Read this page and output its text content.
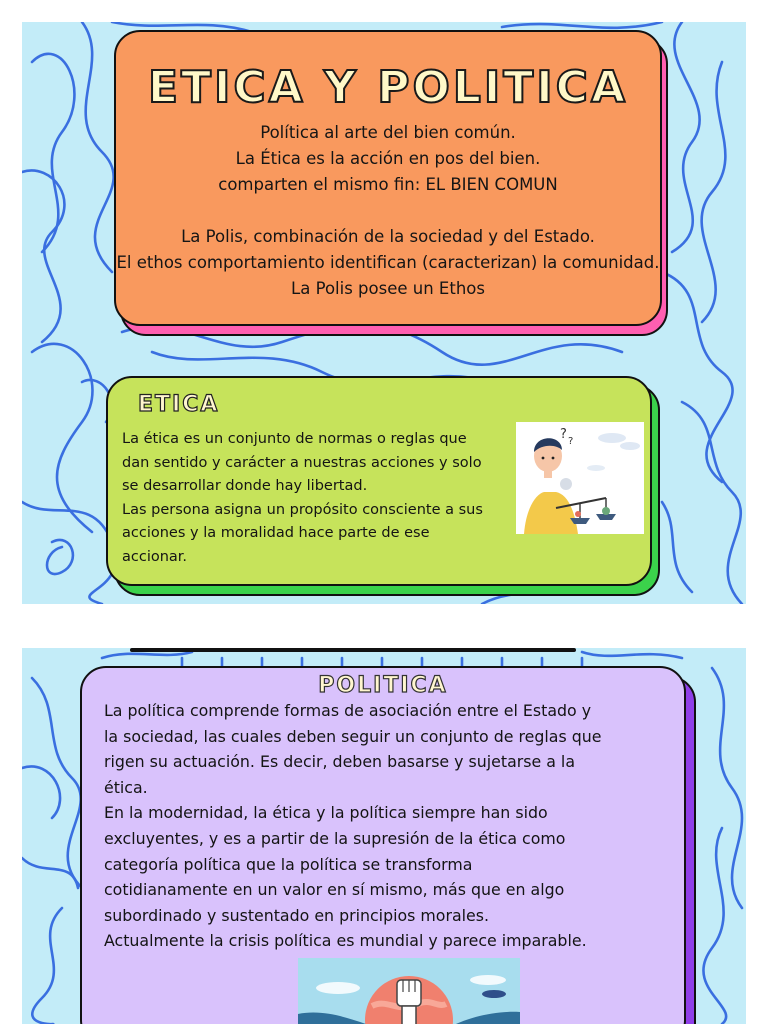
ETICA Y POLITICA

Política al arte del bien común.

La Ética es la acción en pos del bien.

comparten el mismo fin: EL BIEN COMUN

La Polis, combinación de la sociedad y del Estado.

El ethos comportamiento identifican (caracterizan) la comunidad.

La Polis posee un Ethos

ETICA
La ética es un conjunto de normas o reglas que
dan sentido y carácter a nuestras acciones y solo
se desarrollar donde hay libertad.
Las persona asigna un propósito consciente a sus
acciones y la moralidad hace parte de ese
accionar.
? ?
POLITICA
La política comprende formas de asociación entre el Estado y
la sociedad, las cuales deben seguir un conjunto de reglas que
rigen su actuación. Es decir, deben basarse y sujetarse a la
ética.
En la modernidad, la ética y la política siempre han sido
excluyentes, y es a partir de la supresión de la ética como
categoría política que la política se transforma
cotidianamente en un valor en sí mismo, más que en algo
subordinado y sustentado en principios morales.
Actualmente la crisis política es mundial y parece imparable.
